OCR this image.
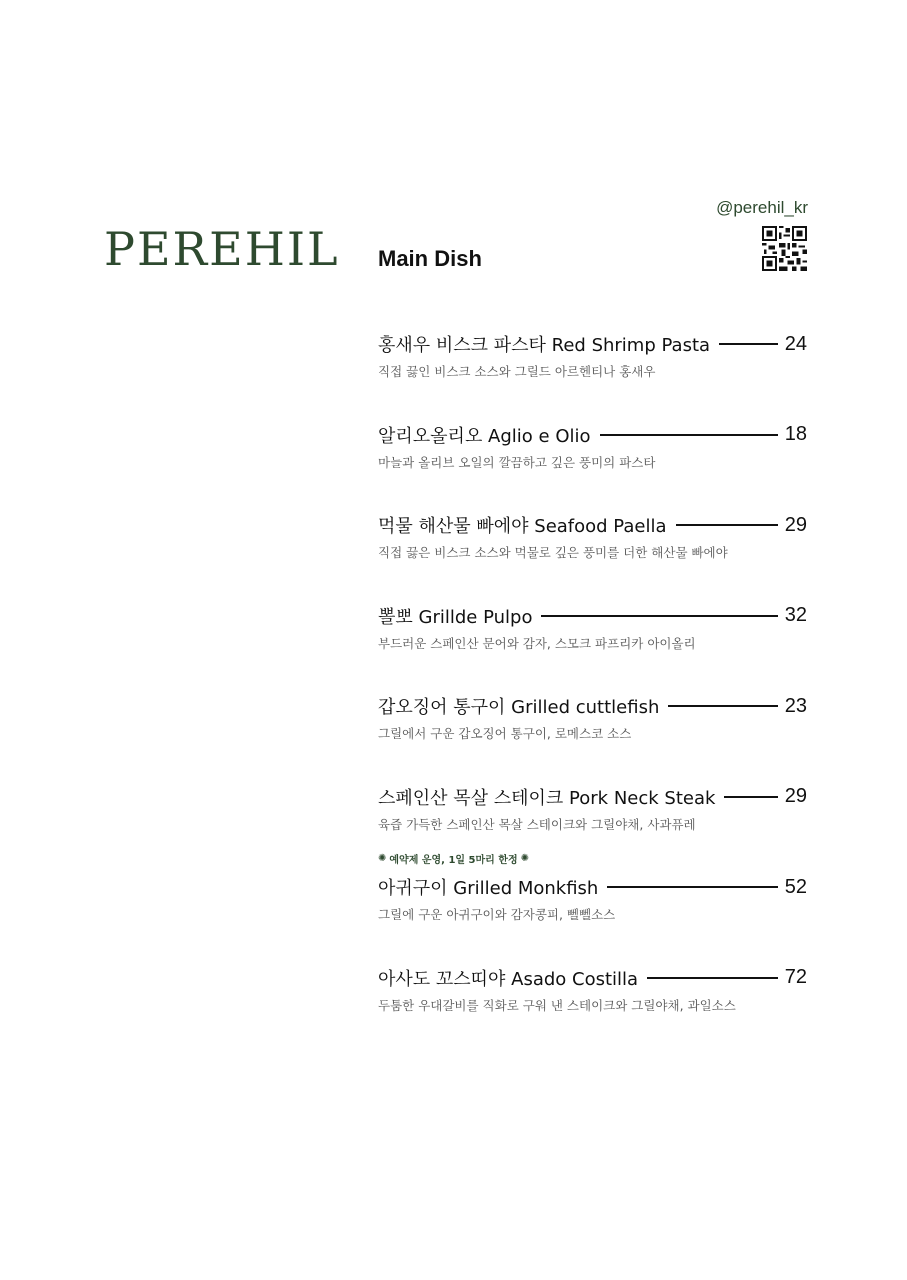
PEREHIL
@perehil_kr
Main Dish
홍새우 비스크 파스타 Red Shrimp Pasta	24
직접 끓인 비스크 소스와 그릴드 아르헨티나 홍새우
알리오올리오 Aglio e Olio	18
마늘과 올리브 오일의 깔끔하고 깊은 풍미의 파스타
먹물 해산물 빠에야 Seafood Paella	29
직접 끓은 비스크 소스와 먹물로 깊은 풍미를 더한 해산물 빠에야
뽈뽀 Grillde Pulpo	32
부드러운 스페인산 문어와 감자, 스모크 파프리카 아이올리
갑오징어 통구이 Grilled cuttlefish	23
그릴에서 구운 갑오징어 통구이, 로메스코 소스
스페인산 목살 스테이크 Pork Neck Steak	29
육즙 가득한 스페인산 목살 스테이크와 그릴야채, 사과퓨레
✺ 예약제 운영, 1일 5마리 한정 ✺
아귀구이 Grilled Monkfish	52
그릴에 구운 아귀구이와 감자콩피, 뻴뻴소스
아사도 꼬스띠야 Asado Costilla	72
두툼한 우대갈비를 직화로 구워 낸 스테이크와 그릴야채, 과일소스
